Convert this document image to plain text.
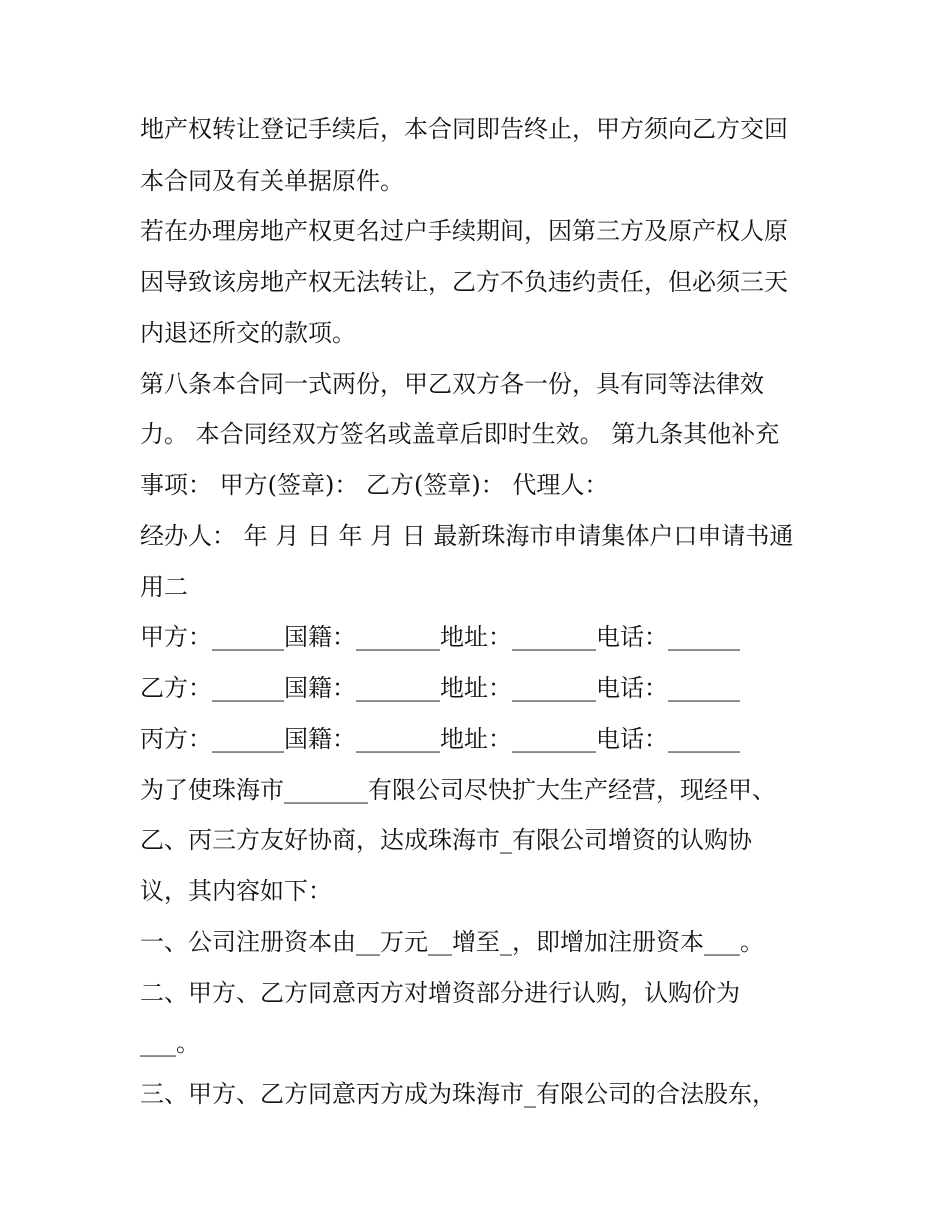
地产权转让登记手续后，本合同即告终止，甲方须向乙方交回

本合同及有关单据原件。

若在办理房地产权更名过户手续期间，因第三方及原产权人原

因导致该房地产权无法转让，乙方不负违约责任，但必须三天

内退还所交的款项。

第八条本合同一式两份，甲乙双方各一份，具有同等法律效

力。 本合同经双方签名或盖章后即时生效。 第九条其他补充

事项： 甲方(签章)： 乙方(签章)： 代理人：

经办人： 年 月 日 年 月 日 最新珠海市申请集体户口申请书通

用二

甲方：______国籍：_______地址：_______电话：______

乙方：______国籍：_______地址：_______电话：______

丙方：______国籍：_______地址：_______电话：______

为了使珠海市_______有限公司尽快扩大生产经营，现经甲、

乙、丙三方友好协商，达成珠海市_有限公司增资的认购协

议，其内容如下：

一、公司注册资本由__万元__增至_，即增加注册资本___。

二、甲方、乙方同意丙方对增资部分进行认购，认购价为

___。

三、甲方、乙方同意丙方成为珠海市_有限公司的合法股东，
